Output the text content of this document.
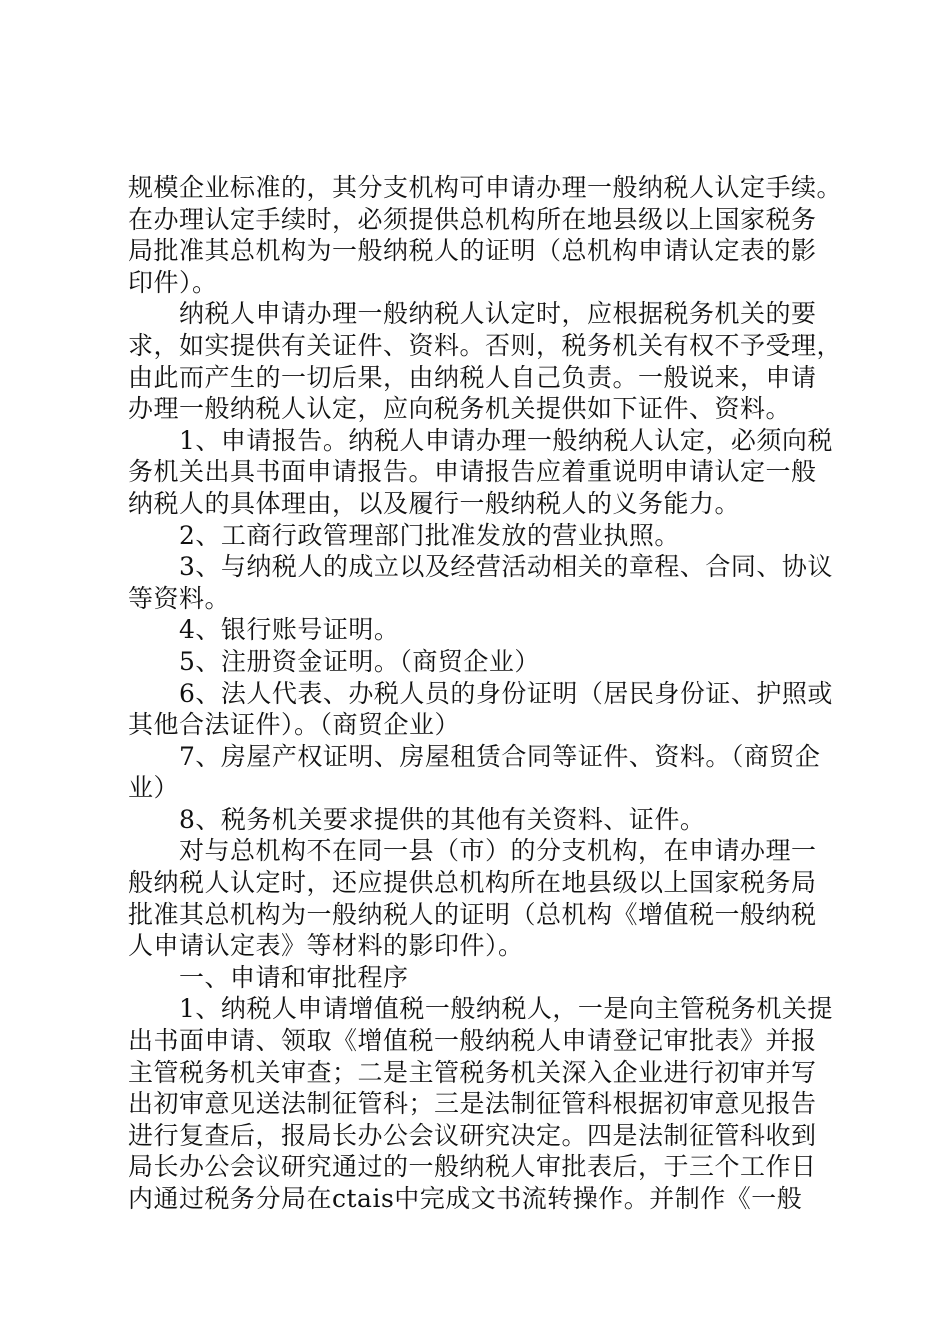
规模企业标准的，其分支机构可申请办理一般纳税人认定手续。
在办理认定手续时，必须提供总机构所在地县级以上国家税务
局批准其总机构为一般纳税人的证明（总机构申请认定表的影
印件）。
纳税人申请办理一般纳税人认定时，应根据税务机关的要
求，如实提供有关证件、资料。否则，税务机关有权不予受理，
由此而产生的一切后果，由纳税人自己负责。一般说来，申请
办理一般纳税人认定，应向税务机关提供如下证件、资料。
1、申请报告。纳税人申请办理一般纳税人认定，必须向税
务机关出具书面申请报告。申请报告应着重说明申请认定一般
纳税人的具体理由，以及履行一般纳税人的义务能力。
2、工商行政管理部门批准发放的营业执照。
3、与纳税人的成立以及经营活动相关的章程、合同、协议
等资料。
4、银行账号证明。
5、注册资金证明。（商贸企业）
6、法人代表、办税人员的身份证明（居民身份证、护照或
其他合法证件）。（商贸企业）
7、房屋产权证明、房屋租赁合同等证件、资料。（商贸企
业）
8、税务机关要求提供的其他有关资料、证件。
对与总机构不在同一县（市）的分支机构，在申请办理一
般纳税人认定时，还应提供总机构所在地县级以上国家税务局
批准其总机构为一般纳税人的证明（总机构《增值税一般纳税
人申请认定表》等材料的影印件）。
一、申请和审批程序
1、纳税人申请增值税一般纳税人，一是向主管税务机关提
出书面申请、领取《增值税一般纳税人申请登记审批表》并报
主管税务机关审查；二是主管税务机关深入企业进行初审并写
出初审意见送法制征管科；三是法制征管科根据初审意见报告
进行复查后，报局长办公会议研究决定。四是法制征管科收到
局长办公会议研究通过的一般纳税人审批表后，于三个工作日
内通过税务分局在ctais中完成文书流转操作。并制作《一般
